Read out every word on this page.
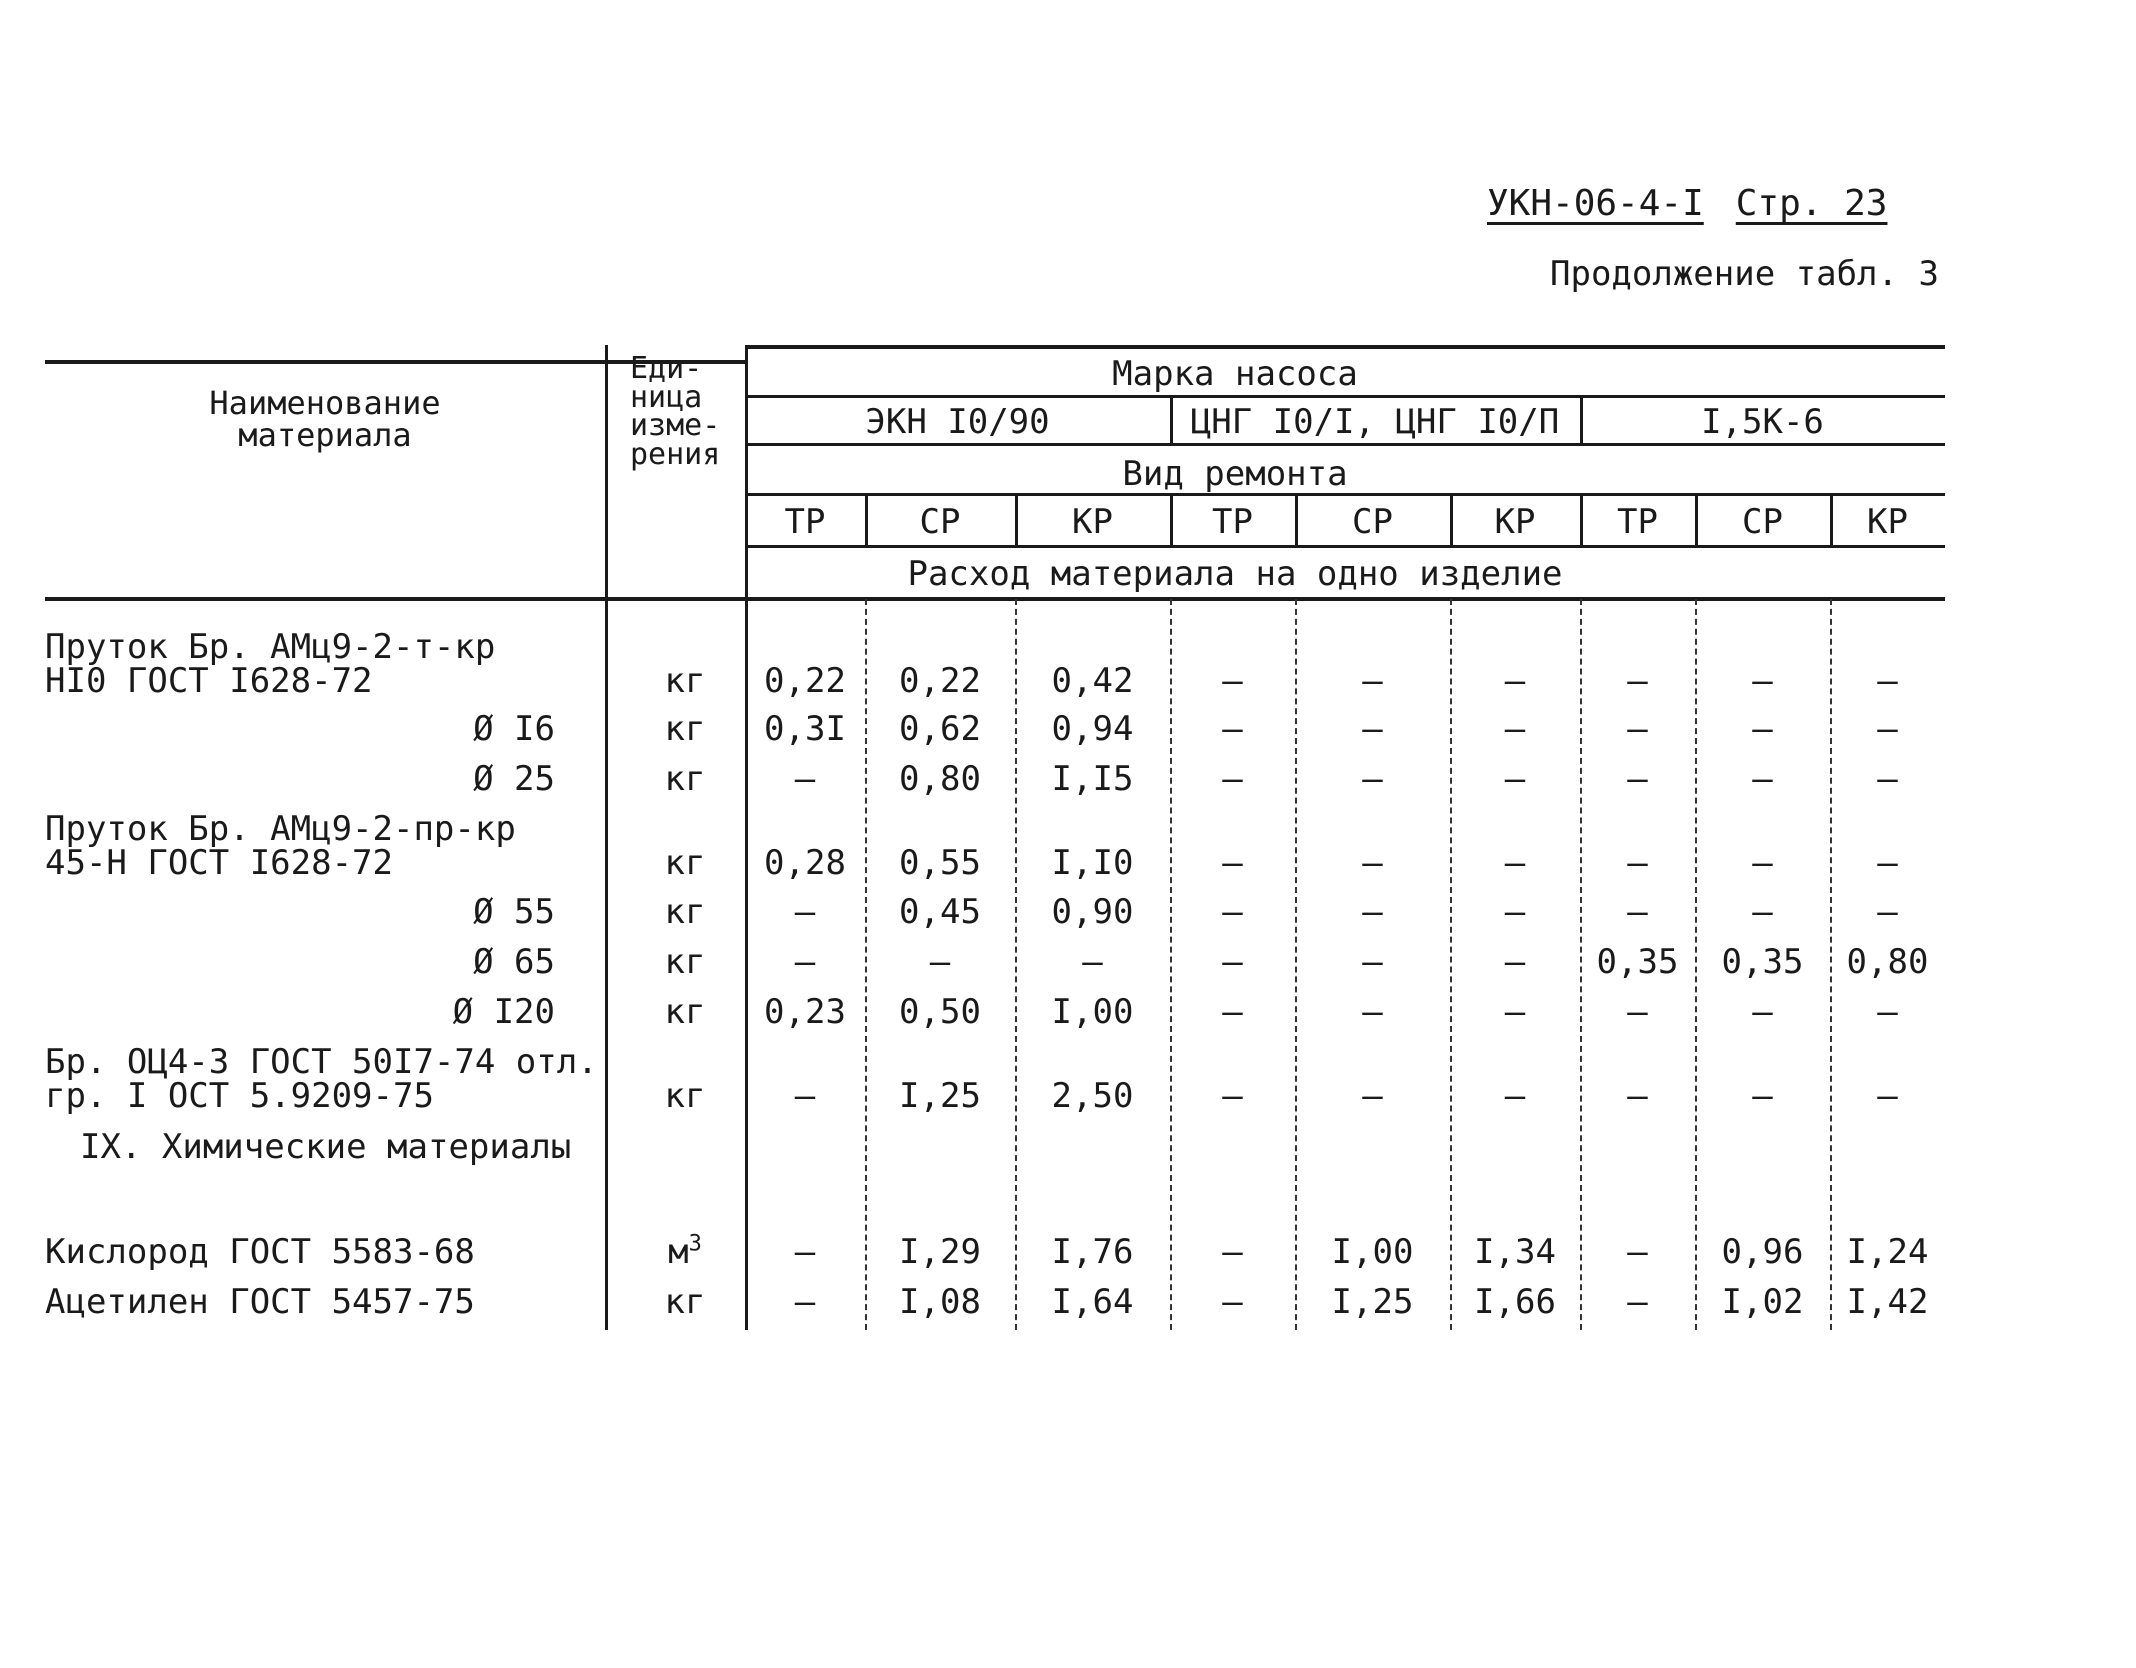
УКН-06-4-I Стр. 23
Продолжение табл. 3
Наименование
материала
Еди-
ница
изме-
рения
Марка насоса
ЭКН I0/90	ЦНГ I0/I, ЦНГ I0/П	I,5К-6
Вид ремонта
ТР	СР	КР	ТР	СР	КР ТР СР КР
Расход материала на одно изделие
Пруток Бр. АМц9-2-т-кр
НI0 ГОСТ I628-72	кг 0,22 0,22 0,42	–	–	–	–	–	–
Ø I6	кг 0,3I 0,62 0,94	–	–	–	–	–	–
Ø 25	кг	– 0,80 I,I5	–	–	–	–	–	–
Пруток Бр. АМц9-2-пр-кр
45-Н ГОСТ I628-72	кг 0,28 0,55 I,I0	–	–	–	–	–	–
Ø 55	кг	– 0,45 0,90	–	–	–	–	–	–
Ø 65	кг	–	–	–	–	–	– 0,35 0,35 0,80
Ø I20	кг 0,23 0,50 I,00	–	–	–	–	–	–
Бр. ОЦ4-3 ГОСТ 50I7-74 отл.
гр. I ОСТ 5.9209-75	кг	– I,25 2,50	–	–	–	–	–	–
IX. Химические материалы
Кислород ГОСТ 5583-68	$м^3$	– I,29 I,76	–	I,00 I,34 – 0,96 I,24
Ацетилен ГОСТ 5457-75	кг	– I,08 I,64	–	I,25 I,66 – I,02 I,42
